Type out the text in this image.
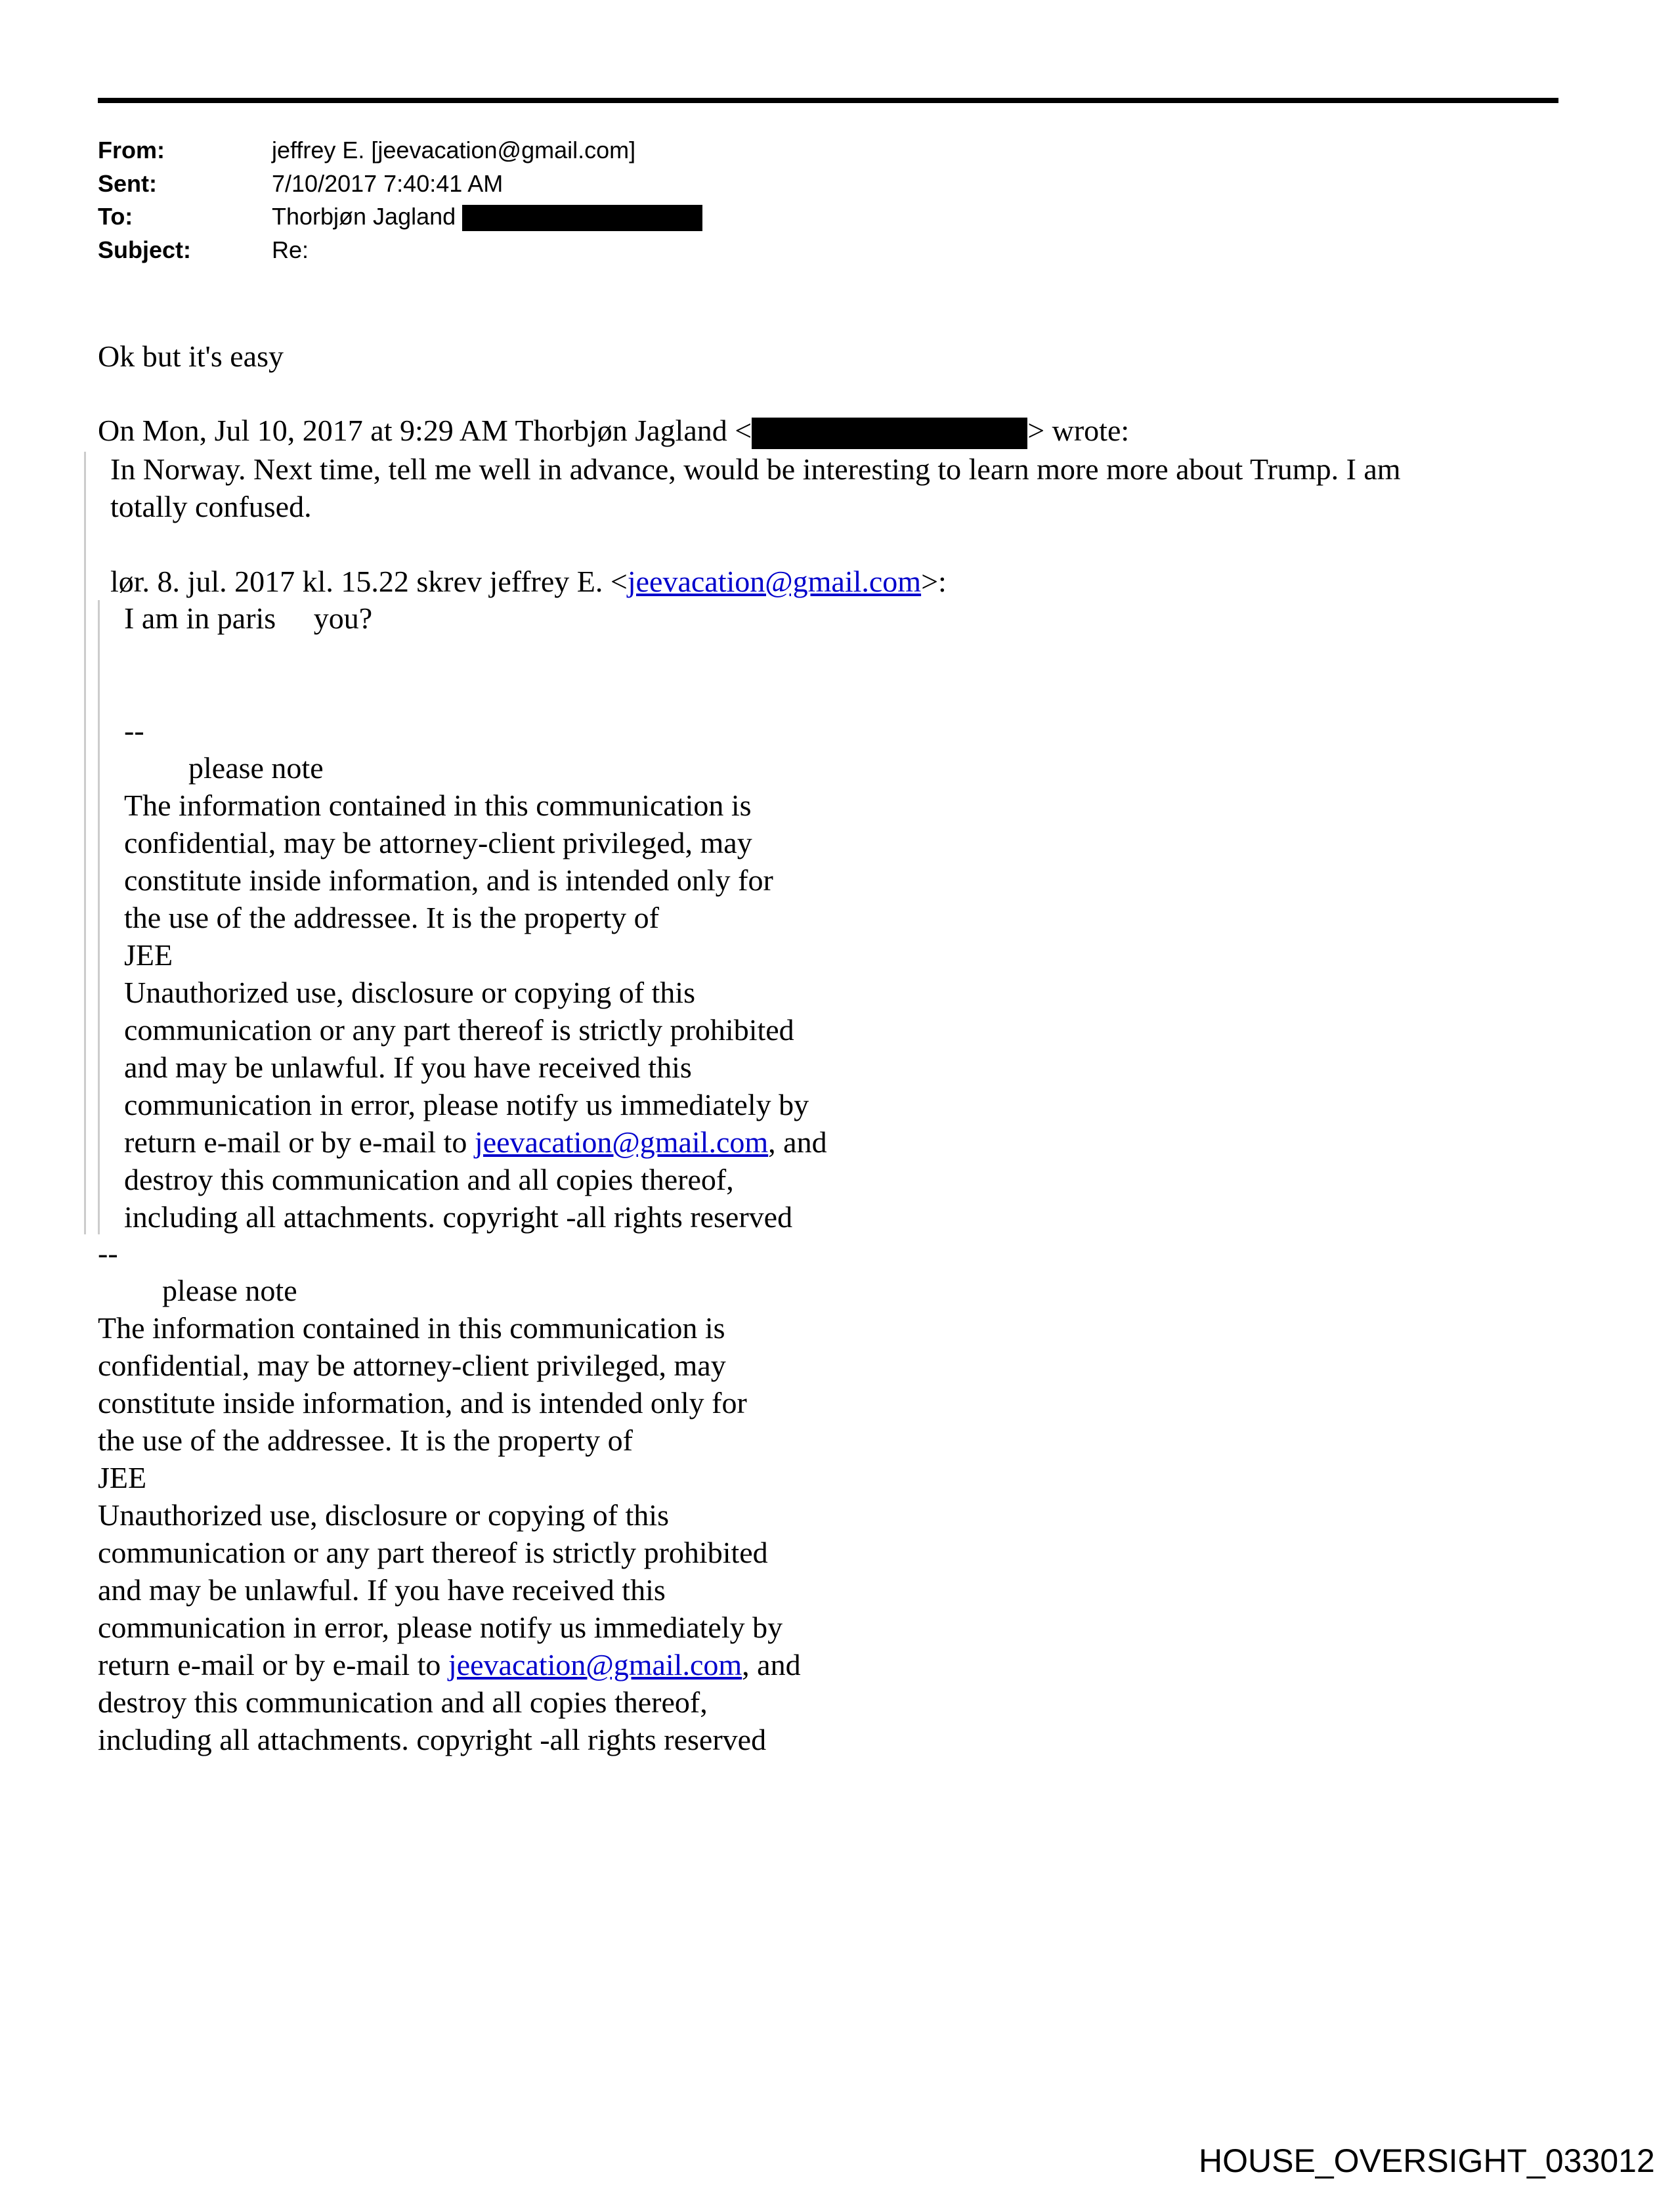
From:	jeffrey E. [jeevacation@gmail.com]
Sent:	7/10/2017 7:40:41 AM
To:	Thorbjøn Jagland
Subject:	Re:
Ok but it's easy
On Mon, Jul 10, 2017 at 9:29 AM Thorbjøn Jagland <	> wrote:
In Norway. Next time, tell me well in advance, would be interesting to learn more more about Trump. I am
totally confused.
lør. 8. jul. 2017 kl. 15.22 skrev jeffrey E. <jeevacation@gmail.com>:
I am in paris     you?
--
please note
The information contained in this communication is
confidential, may be attorney-client privileged, may
constitute inside information, and is intended only for
the use of the addressee. It is the property of
JEE
Unauthorized use, disclosure or copying of this
communication or any part thereof is strictly prohibited
and may be unlawful. If you have received this
communication in error, please notify us immediately by
return e-mail or by e-mail to jeevacation@gmail.com, and
destroy this communication and all copies thereof,
including all attachments. copyright -all rights reserved
--
please note
The information contained in this communication is
confidential, may be attorney-client privileged, may
constitute inside information, and is intended only for
the use of the addressee. It is the property of
JEE
Unauthorized use, disclosure or copying of this
communication or any part thereof is strictly prohibited
and may be unlawful. If you have received this
communication in error, please notify us immediately by
return e-mail or by e-mail to jeevacation@gmail.com, and
destroy this communication and all copies thereof,
including all attachments. copyright -all rights reserved
HOUSE_OVERSIGHT_033012
